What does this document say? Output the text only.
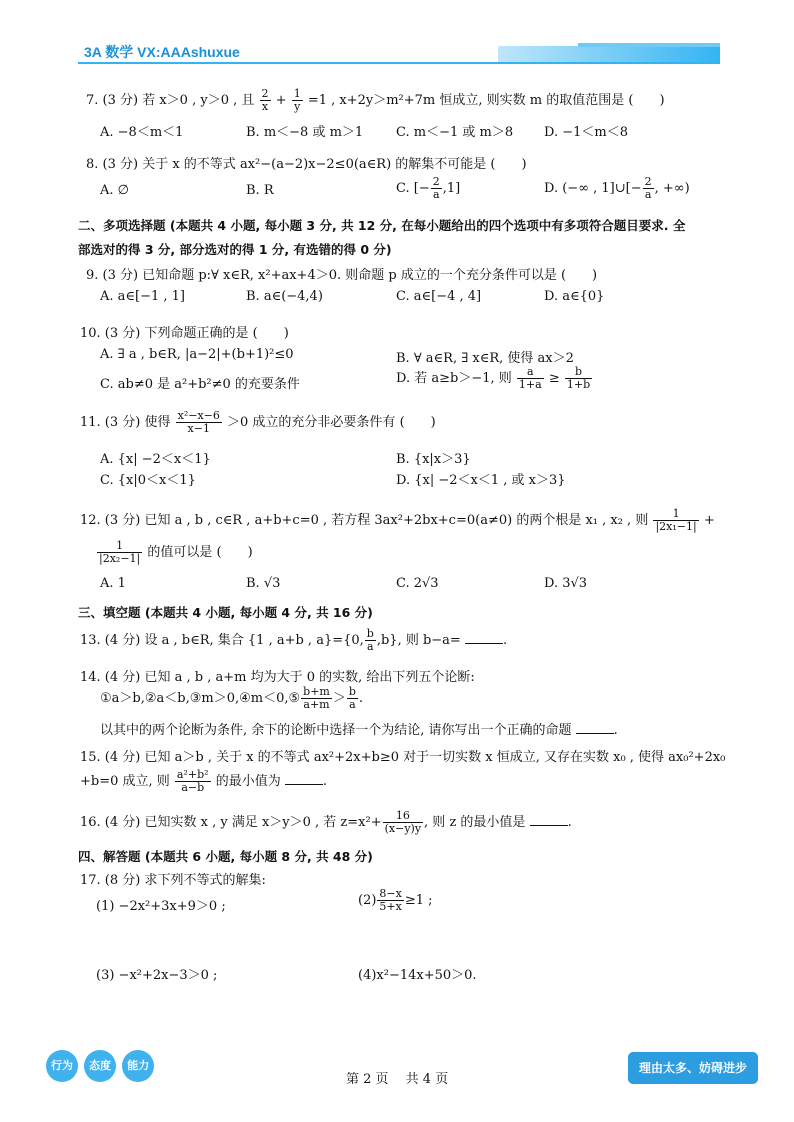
3A 数学 VX:AAAshuxue
7. (3 分) 若 x＞0 , y＞0 , 且 $\frac{2}{x} + \frac{1}{y} =1$ , x+2y＞m²+7m 恒成立, 则实数 m 的取值范围是 (　　)
A. −8＜m＜1	B. m＜−8 或 m＞1	C. m＜−1 或 m＞8 D. −1＜m＜8
8. (3 分) 关于 x 的不等式 ax²−(a−2)x−2≤0(a∈R) 的解集不可能是 (　　)
A. ∅	B. R	C. [− $\frac{2}{a} ,1$]	D. (−∞ , 1]∪[− $\frac{2}{a}$ , +∞)
二、多项选择题 (本题共 4 小题, 每小题 3 分, 共 12 分, 在每小题给出的四个选项中有多项符合题目要求. 全
部选对的得 3 分, 部分选对的得 1 分, 有选错的得 0 分)
9. (3 分) 已知命题 p:∀ x∈R, x²+ax+4＞0. 则命题 p 成立的一个充分条件可以是 (　　)
A. a∈[−1 , 1]	B. a∈(−4,4)	C. a∈[−4 , 4]	D. a∈{0}
10. (3 分) 下列命题正确的是 (　　)
A. ∃ a , b∈R, |a−2|+(b+1)²≤0	B. ∀ a∈R, ∃ x∈R, 使得 ax＞2
C. ab≠0 是 a²+b²≠0 的充要条件	D. 若 a≥b＞−1, 则 $\frac{a}{1+a} \ge \frac{b}{1+b}$
11. (3 分) 使得 $\frac{\text{x²−x−6}}{x-1} >0$ 成立的充分非必要条件有 (　　)
A. {x| −2＜x＜1}	B. {x|x＞3}
C. {x|0＜x＜1}	D. {x| −2＜x＜1 , 或 x＞3}
12. (3 分) 已知 a , b , c∈R , a+b+c=0 , 若方程 3ax²+2bx+c=0(a≠0) 的两个根是 x₁ , x₂ , 则 $\frac{1}{\text{|2x₁−1|}}$ +
$\frac{1}{\text{|2x₂−1|}}$ 的值可以是 (　　)
A. 1	B. √3	C. 2√3	D. 3√3
三、填空题 (本题共 4 小题, 每小题 4 分, 共 16 分)
13. (4 分) 设 a , b∈R, 集合 {1 , a+b , a}={0, $\frac{b}{a} ,b$}, 则 b−a=	.
14. (4 分) 已知 a , b , a+m 均为大于 0 的实数, 给出下列五个论断:
①a＞b,②a＜b,③m＞0,④m＜0,⑤ $\frac{b+m}{a+m} > \frac{b}{a}$ .
以其中的两个论断为条件, 余下的论断中选择一个为结论, 请你写出一个正确的命题	.
15. (4 分) 已知 a＞b , 关于 x 的不等式 ax²+2x+b≥0 对于一切实数 x 恒成立, 又存在实数 x₀ , 使得 ax₀²+2x₀
+b=0 成立, 则 $\frac{\text{a²+b²}}{a-b}$ 的最小值为	.
16. (4 分) 已知实数 x , y 满足 x＞y＞0 , 若 $z=x^2+ \frac{16}{(x-y)y}$ , 则 z 的最小值是	.
四、解答题 (本题共 6 小题, 每小题 8 分, 共 48 分)
17. (8 分) 求下列不等式的解集:
(1) −2x²+3x+9＞0 ;	$(2) \frac{8-x}{5+x} \ge 1$ ;
(3) −x²+2x−3＞0 ;	(4)x²−14x+50＞0.
行为 态度 能力
第 2 页　 共 4 页
理由太多、妨碍进步
